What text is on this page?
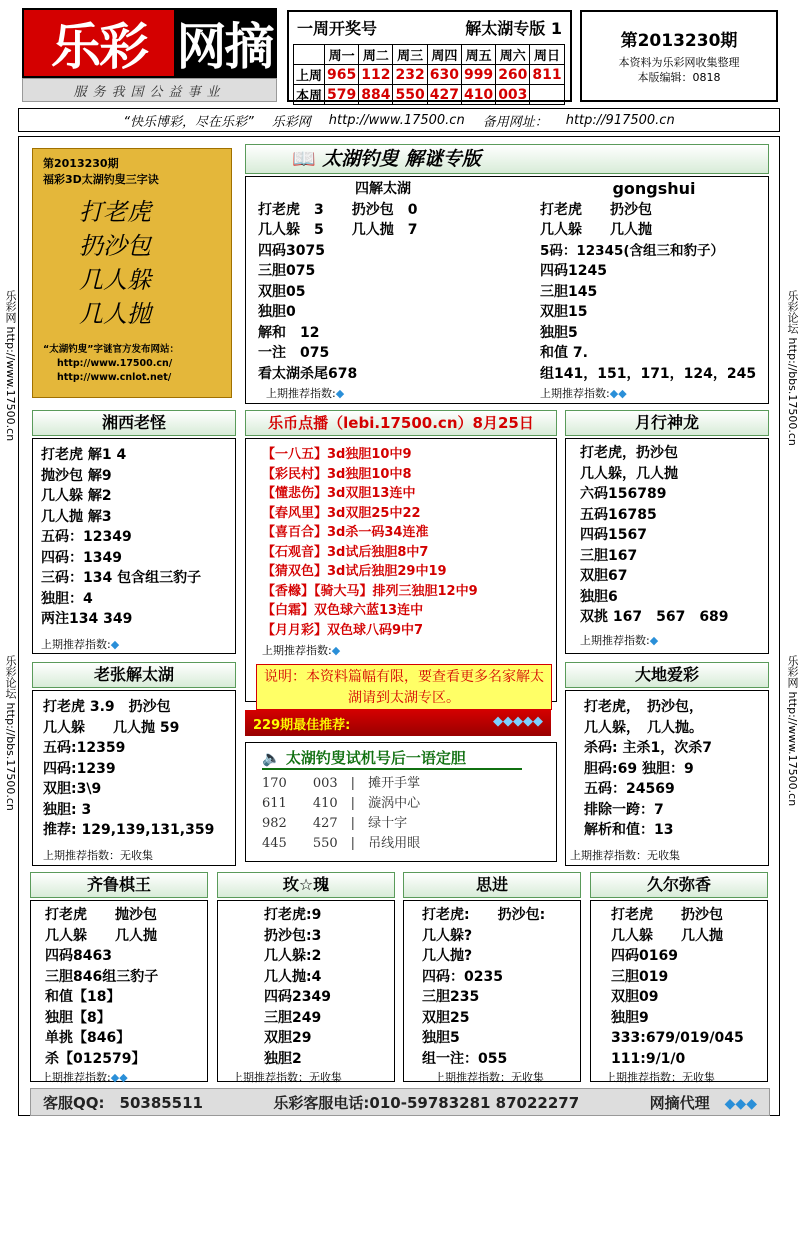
乐彩 网摘
服务我国公益事业
一周开奖号	解太湖专版 1
	周一	周二	周三	周四	周五	周六	周日
上周	965	112	232	630	999	260	811
本周	579	884	550	427	410	003	
第2013230期
本资料为乐彩网收集整理
本版编辑：0818
“快乐博彩，尽在乐彩” 乐彩网 http://www.17500.cn 备用网址： http://917500.cn
乐彩网 http://www.17500.cn
乐彩论坛 http://bbs.17500.cn
乐彩论坛 http://bbs.17500.cn
乐彩网 http://www.17500.cn
第2013230期
福彩3D太湖钓叟三字诀
打老虎
扔沙包
几人躲
几人抛
“太湖钓叟”字谜官方发布网站：
http://www.17500.cn/
http://www.cnlot.net/
📖 太湖钓叟 解谜专版
四解太湖
打老虎　3　　扔沙包　0
几人躲　5　　几人抛　7
四码3075
三胆075
双胆05
独胆0
解和　12
一注　075
看太湖杀尾678
gongshui
打老虎　　扔沙包
几人躲　　几人抛
5码：12345(含组三和豹子）
四码1245
三胆145
双胆15
独胆5
和值 7.
组141，151，171，124，245
上期推荐指数:◆	上期推荐指数:◆◆
湘西老怪
打老虎 解1 4
抛沙包 解9
几人躲 解2
几人抛 解3
五码：12349
四码：1349
三码：134 包含组三豹子
独胆：4
两注134 349
上期推荐指数:◆
乐币点播（lebi.17500.cn）8月25日
【一八五】3d独胆10中9
【彩民村】3d独胆10中8
【懂悲伤】3d双胆13连中
【春风里】3d双胆25中22
【喜百合】3d杀一码34连准
【石观音】3d试后独胆8中7
【猜双色】3d试后独胆29中19
【香橼】【骑大马】排列三独胆12中9
【白霜】双色球六蓝13连中
【月月彩】双色球八码9中7
上期推荐指数:◆
说明：本资料篇幅有限，要查看更多名家解太湖请到太湖专区。
月行神龙
打老虎，扔沙包
几人躲，几人抛
六码156789
五码16785
四码1567
三胆167
双胆67
独胆6
双挑 167　567　689
上期推荐指数:◆
老张解太湖
打老虎 3.9　扔沙包
几人躲　　几人抛 59
五码:12359
四码:1239
双胆:3\9
独胆: 3
推荐: 129,139,131,359
上期推荐指数：无收集
229期最佳推荐:	◆◆◆◆◆
🔈 太湖钓叟试机号后一语定胆
170　　 003　|　摊开手掌
611　　 410　|　漩涡中心
982　　 427　|　绿十字
445　　 550　|　吊线用眼
大地爱彩
打老虎，　扔沙包，
几人躲，　几人抛。
杀码: 主杀1，次杀7
胆码:69 独胆：9
五码：24569
排除一跨：7
解析和值：13
上期推荐指数：无收集
齐鲁棋王
打老虎　　抛沙包
几人躲　　几人抛
四码8463
三胆846组三豹子
和值【18】
独胆【8】
单挑【846】
杀【012579】
上期推荐指数:◆◆
玫☆瑰
打老虎:9
扔沙包:3
几人躲:2
几人抛:4
四码2349
三胆249
双胆29
独胆2
上期推荐指数：无收集
思进
打老虎:　　扔沙包:
几人躲?
几人抛?
四码：0235
三胆235
双胆25
独胆5
组一注：055
上期推荐指数：无收集
久尔弥香
打老虎　　扔沙包
几人躲　　几人抛
四码0169
三胆019
双胆09
独胆9
333:679/019/045
111:9/1/0
上期推荐指数：无收集
客服QQ:　50385511	乐彩客服电话:010-59783281 87022277	网摘代理　 ◆◆◆
